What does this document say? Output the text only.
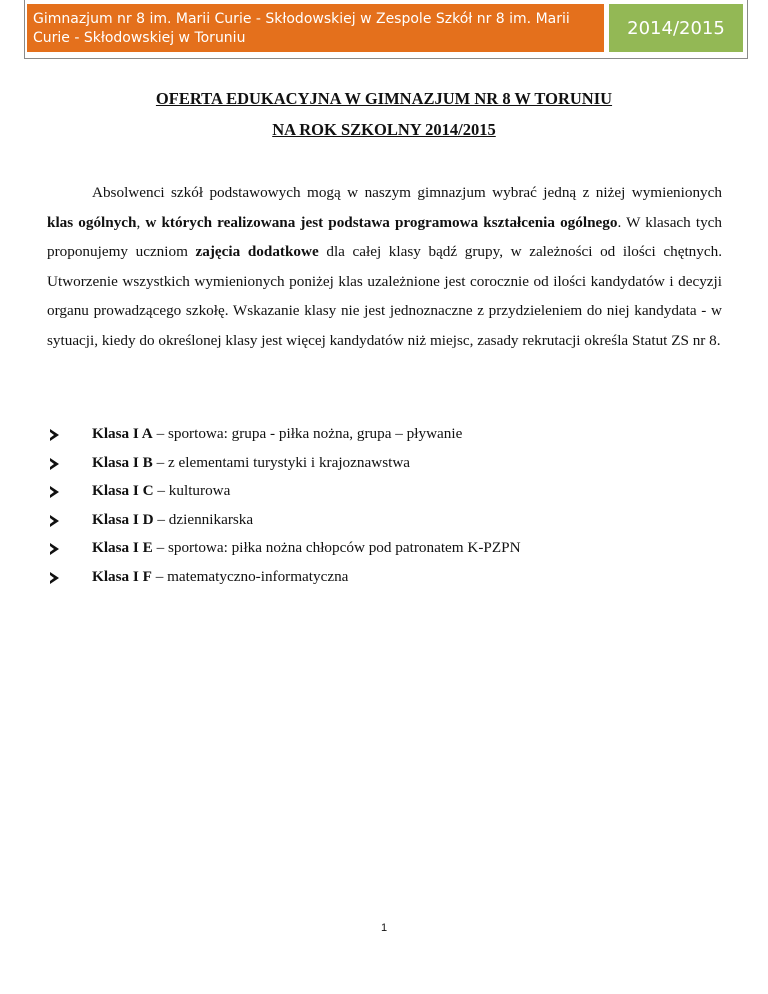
Gimnazjum nr 8 im. Marii Curie - Skłodowskiej w Zespole Szkół nr 8 im. Marii Curie - Skłodowskiej w Toruniu	2014/2015
OFERTA EDUKACYJNA W GIMNAZJUM NR 8 W TORUNIU
NA ROK SZKOLNY 2014/2015

Absolwenci szkół podstawowych mogą w naszym gimnazjum wybrać jedną z niżej wymienionych klas ogólnych, w których realizowana jest podstawa programowa kształcenia ogólnego. W klasach tych proponujemy uczniom zajęcia dodatkowe dla całej klasy bądź grupy, w zależności od ilości chętnych. Utworzenie wszystkich wymienionych poniżej klas uzależnione jest corocznie od ilości kandydatów i decyzji organu prowadzącego szkołę. Wskazanie klasy nie jest jednoznaczne z przydzieleniem do niej kandydata - w sytuacji, kiedy do określonej klasy jest więcej kandydatów niż miejsc, zasady rekrutacji określa Statut ZS nr 8.

Klasa I A – sportowa: grupa - piłka nożna, grupa – pływanie
Klasa I B – z elementami turystyki i krajoznawstwa
Klasa I C – kulturowa
Klasa I D – dziennikarska
Klasa I E – sportowa: piłka nożna chłopców pod patronatem K-PZPN
Klasa I F – matematyczno-informatyczna
1
